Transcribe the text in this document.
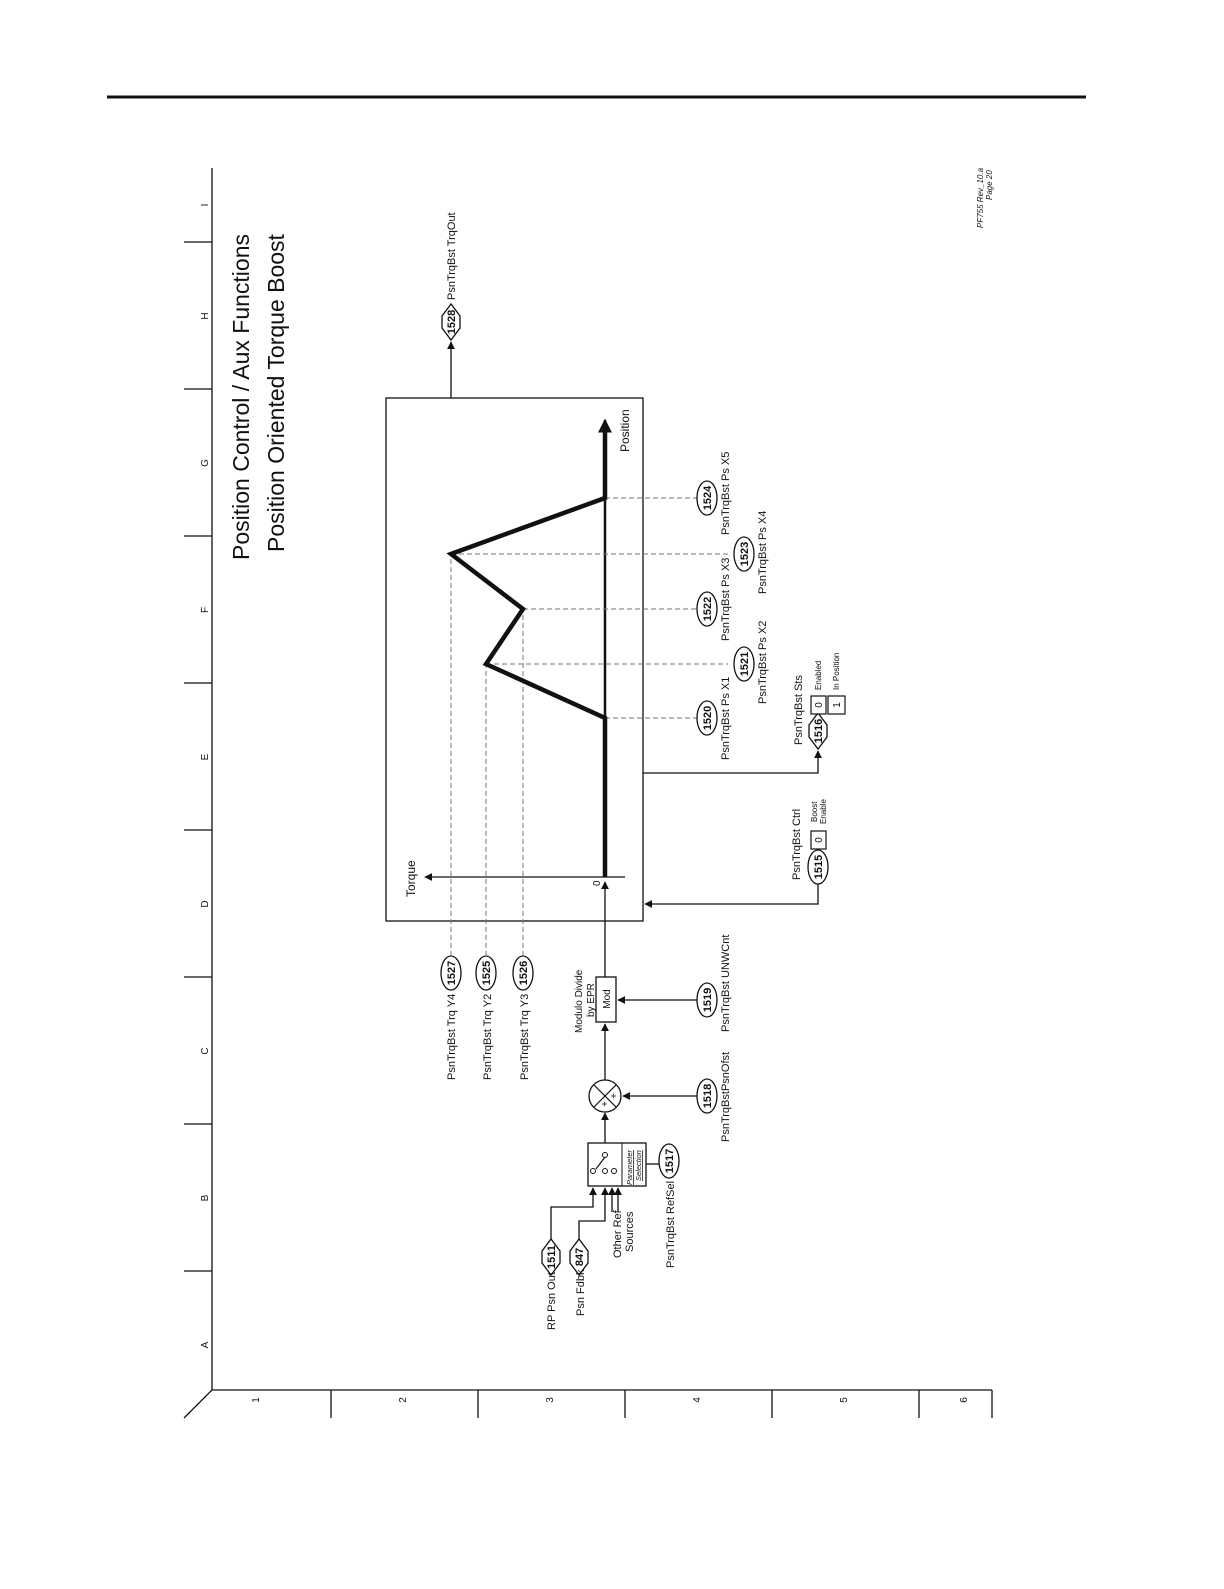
A
B
C
D
E
F
G
H
I
1	2	3	4	5	6
Position Control / Aux Functions Position Oriented Torque Boost
PF755 Rev_10.a Page 20
1511
RP Psn Out
847
Psn Fdbk
Other Ref Sources
Parameter Selection 1517
PsnTrqBst RefSel
+
+	1518 PsnTrqBstPsnOfst
Mod
Modulo Divide by EPR	1519 PsnTrqBst UNWCnt
1527
PsnTrqBst Trq Y4
1525
PsnTrqBst Trq Y2
1526
PsnTrqBst Trq Y3
Torque	0
Position
1520 PsnTrqBst Ps X1
1521 PsnTrqBst Ps X2
1522 PsnTrqBst Ps X3
1523 PsnTrqBst Ps X4
1524 PsnTrqBst Ps X5
1515
PsnTrqBst Ctrl 0
Boost Enable
1516
PsnTrqBst Sts 0 1
Enabled In Position
1528
PsnTrqBst TrqOut
